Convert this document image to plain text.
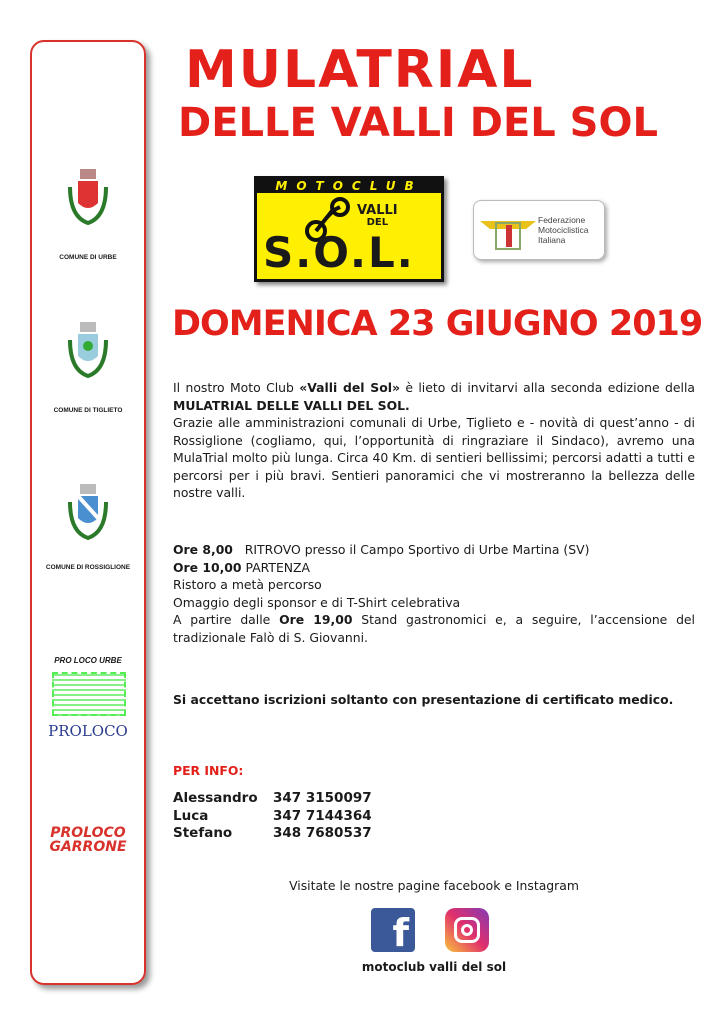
COMUNE DI URBE
COMUNE DI TIGLIETO
COMUNE DI ROSSIGLIONE
PRO LOCO URBE
PROLOCO
PROLOCO
GARRONE
MULATRIAL
DELLE VALLI DEL SOL
MOTOCLUB
VALLI
DEL
S.O.L.
Federazione
Motociclistica
Italiana
DOMENICA 23 GIUGNO 2019
Il nostro Moto Club «Valli del Sol» è lieto di invitarvi alla seconda edizione della MULATRIAL DELLE VALLI DEL SOL.
Grazie alle amministrazioni comunali di Urbe, Tiglieto e - novità di quest’anno - di Rossiglione (cogliamo, qui, l’opportunità di ringraziare il Sindaco), avremo una MulaTrial molto più lunga. Circa 40 Km. di sentieri bellissimi; percorsi adatti a tutti e percorsi per i più bravi. Sentieri panoramici che vi mostreranno la bellezza delle nostre valli.
Ore 8,00 RITROVO presso il Campo Sportivo di Urbe Martina (SV)
Ore 10,00 PARTENZA
Ristoro a metà percorso
Omaggio degli sponsor e di T-Shirt celebrativa
A partire dalle Ore 19,00 Stand gastronomici e, a seguire, l’accensione del tradizionale Falò di S. Giovanni.
Si accettano iscrizioni soltanto con presentazione di certificato medico.
PER INFO:
Alessandro	347 3150097
Luca	347 7144364
Stefano	348 7680537
Visitate le nostre pagine facebook e Instagram
f
motoclub valli del sol
